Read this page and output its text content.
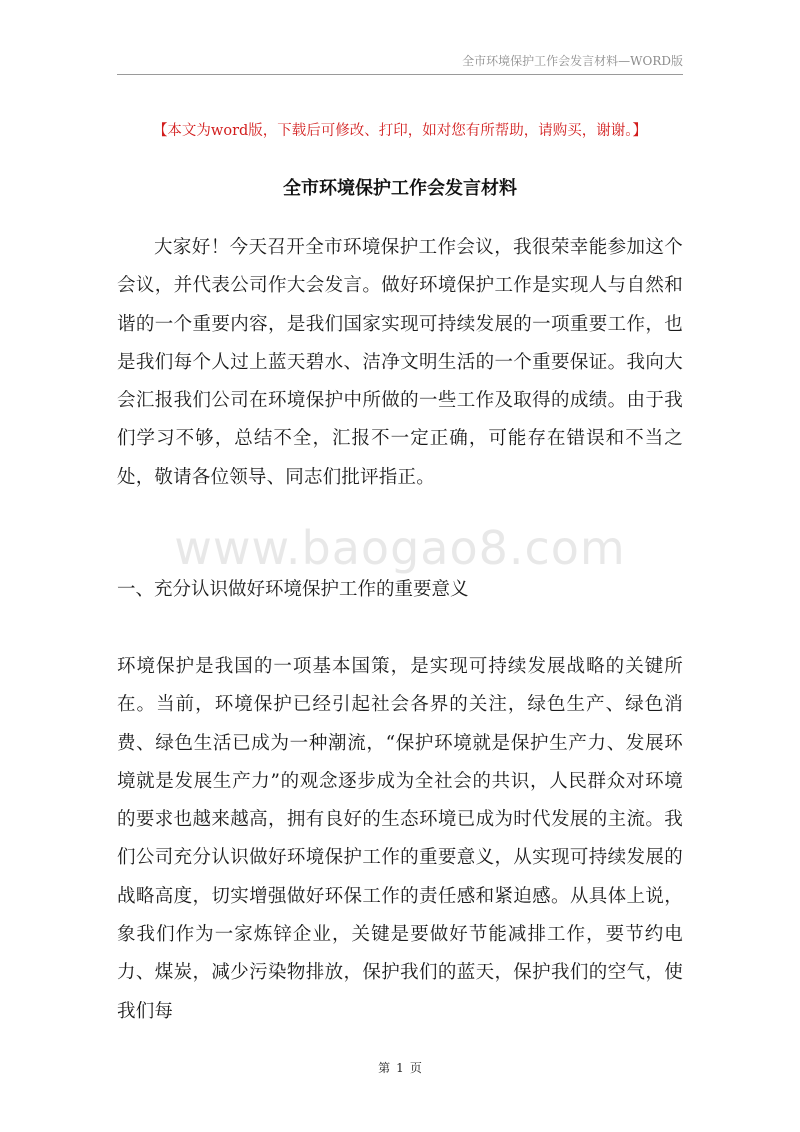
全市环境保护工作会发言材料—WORD版
【本文为word版，下载后可修改、打印，如对您有所帮助，请购买，谢谢。】
全市环境保护工作会发言材料

大家好！今天召开全市环境保护工作会议，我很荣幸能参加这个会议，并代表公司作大会发言。做好环境保护工作是实现人与自然和谐的一个重要内容，是我们国家实现可持续发展的一项重要工作，也是我们每个人过上蓝天碧水、洁净文明生活的一个重要保证。我向大会汇报我们公司在环境保护中所做的一些工作及取得的成绩。由于我们学习不够，总结不全，汇报不一定正确，可能存在错误和不当之处，敬请各位领导、同志们批评指正。

www.baogao8.com
一、充分认识做好环境保护工作的重要意义

环境保护是我国的一项基本国策，是实现可持续发展战略的关键所在。当前，环境保护已经引起社会各界的关注，绿色生产、绿色消费、绿色生活已成为一种潮流，“保护环境就是保护生产力、发展环境就是发展生产力”的观念逐步成为全社会的共识，人民群众对环境的要求也越来越高，拥有良好的生态环境已成为时代发展的主流。我们公司充分认识做好环境保护工作的重要意义，从实现可持续发展的战略高度，切实增强做好环保工作的责任感和紧迫感。从具体上说，象我们作为一家炼锌企业，关键是要做好节能减排工作，要节约电力、煤炭，减少污染物排放，保护我们的蓝天，保护我们的空气，使我们每

第 1 页
